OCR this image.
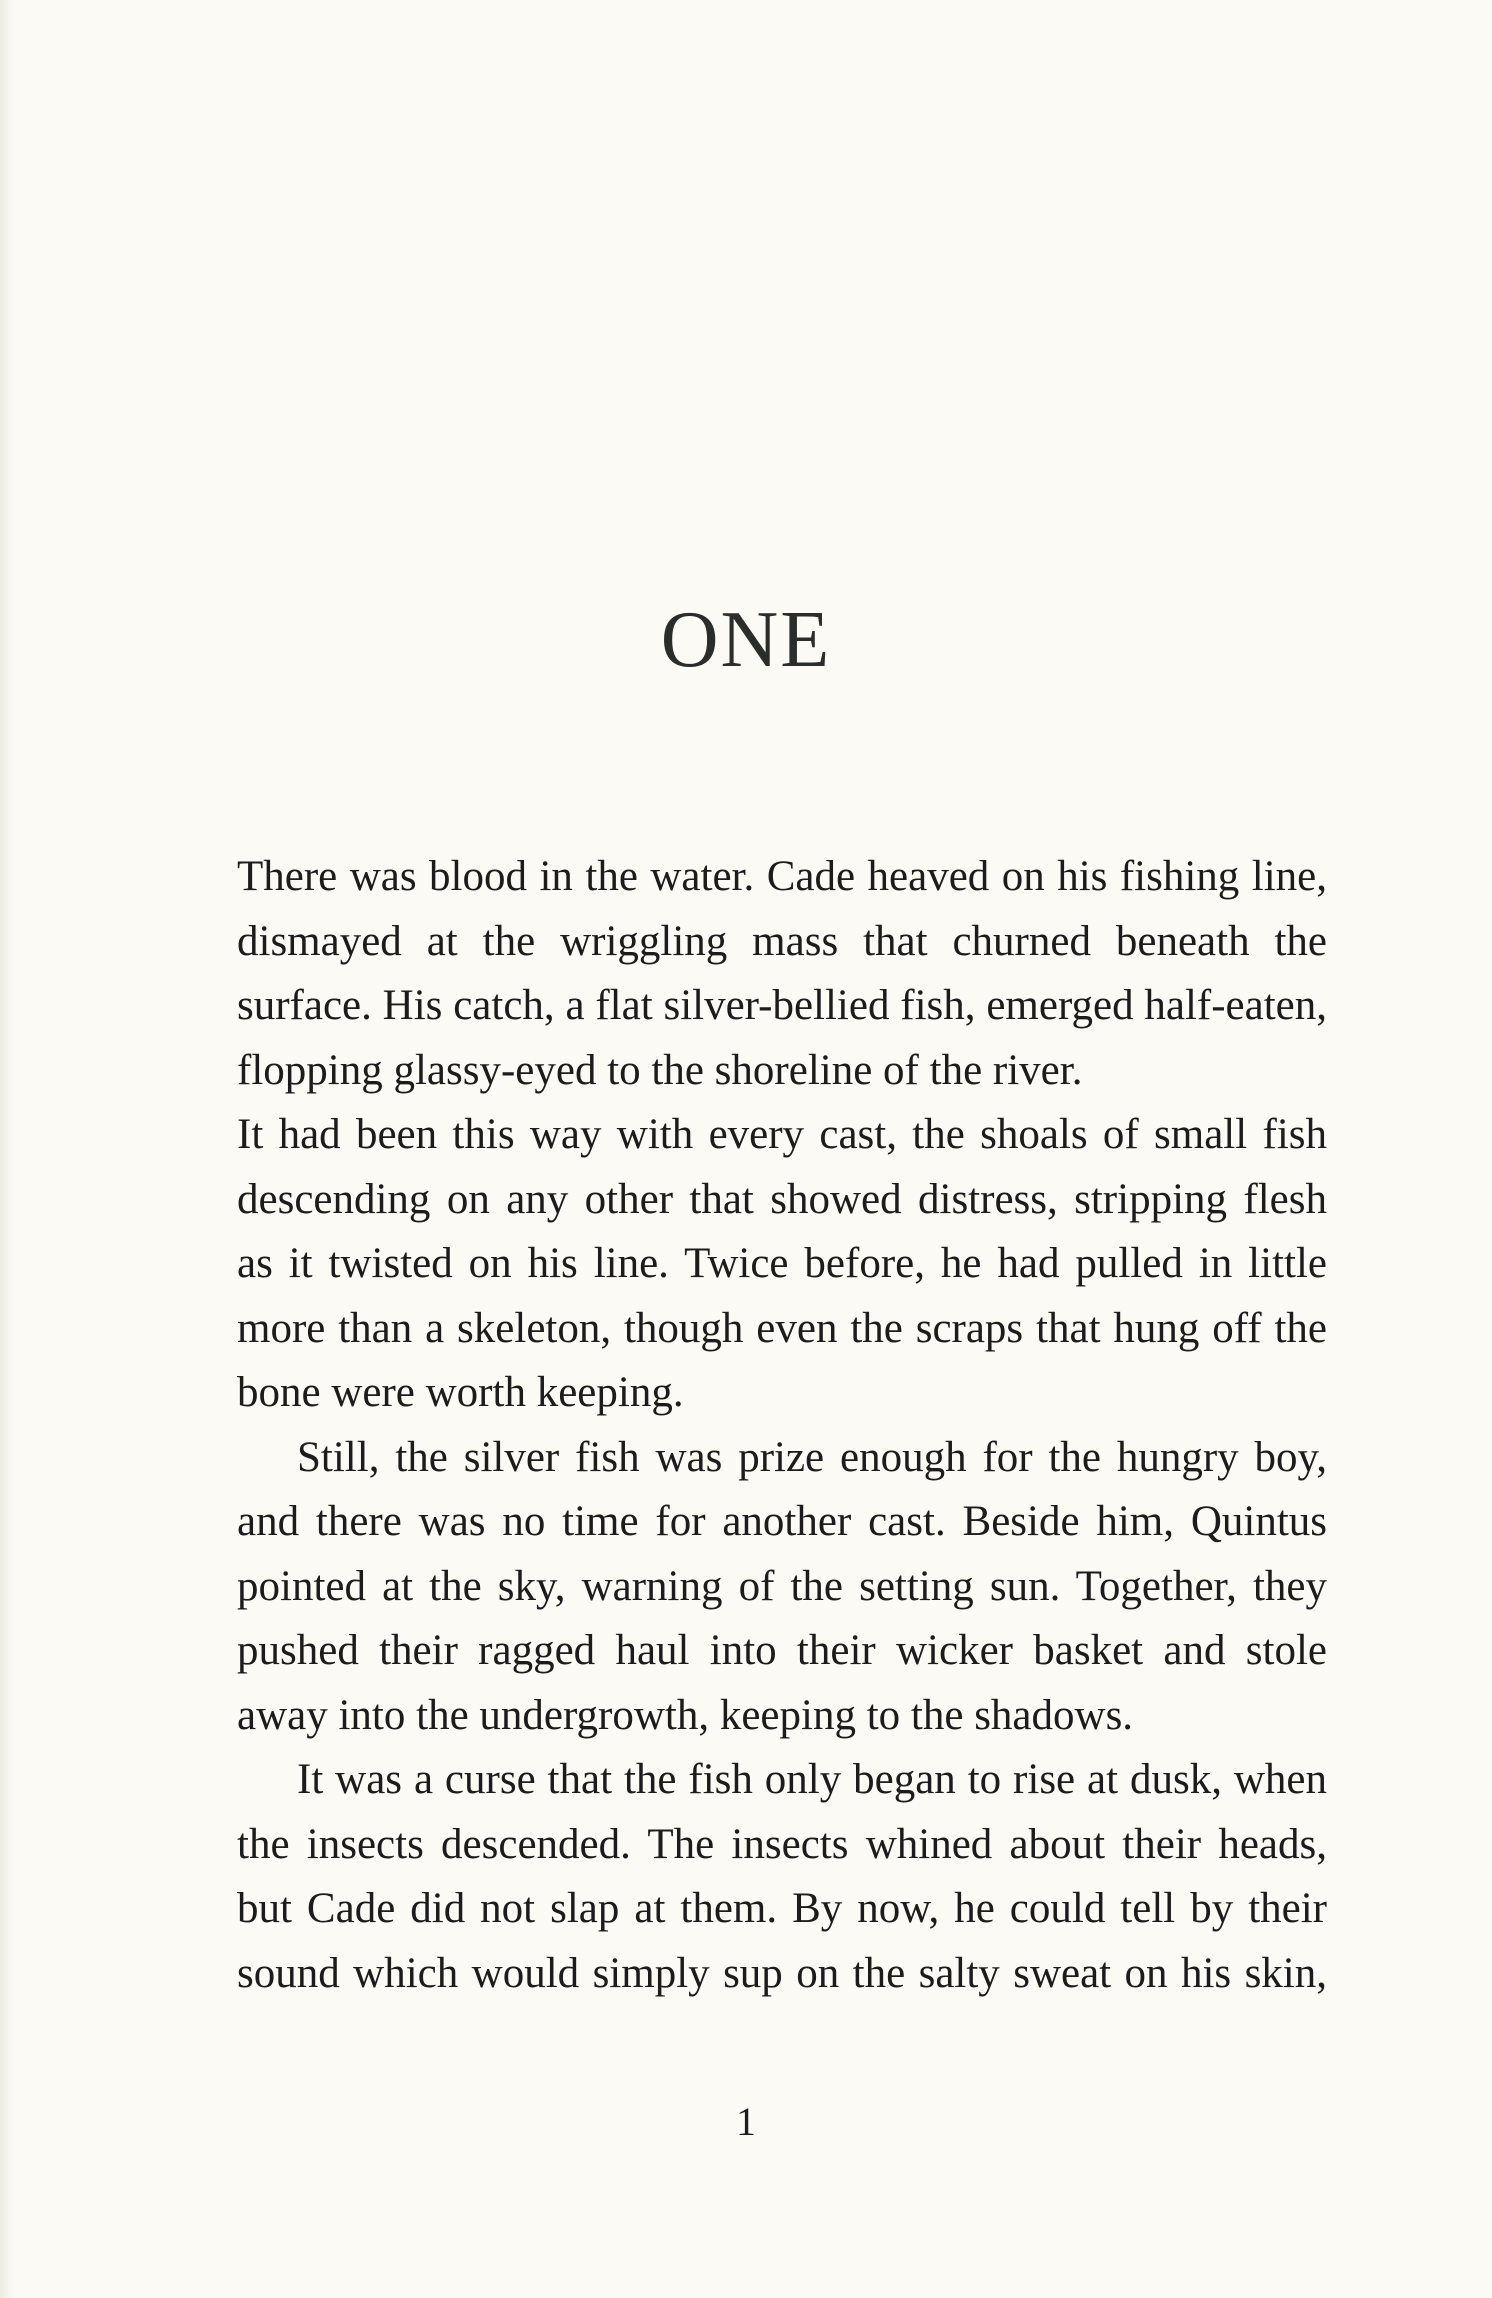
ONE

There was blood in the water. Cade heaved on his fishing line, dismayed at the wriggling mass that churned beneath the surface. His catch, a flat silver-bellied fish, emerged half-eaten, flopping glassy-eyed to the shoreline of the river.

It had been this way with every cast, the shoals of small fish descending on any other that showed distress, stripping flesh as it twisted on his line. Twice before, he had pulled in little more than a skeleton, though even the scraps that hung off the bone were worth keeping.

Still, the silver fish was prize enough for the hungry boy, and there was no time for another cast. Beside him, Quintus pointed at the sky, warning of the setting sun. Together, they pushed their ragged haul into their wicker basket and stole away into the undergrowth, keeping to the shadows.

It was a curse that the fish only began to rise at dusk, when the insects descended. The insects whined about their heads, but Cade did not slap at them. By now, he could tell by their sound which would simply sup on the salty sweat on his skin,

1
